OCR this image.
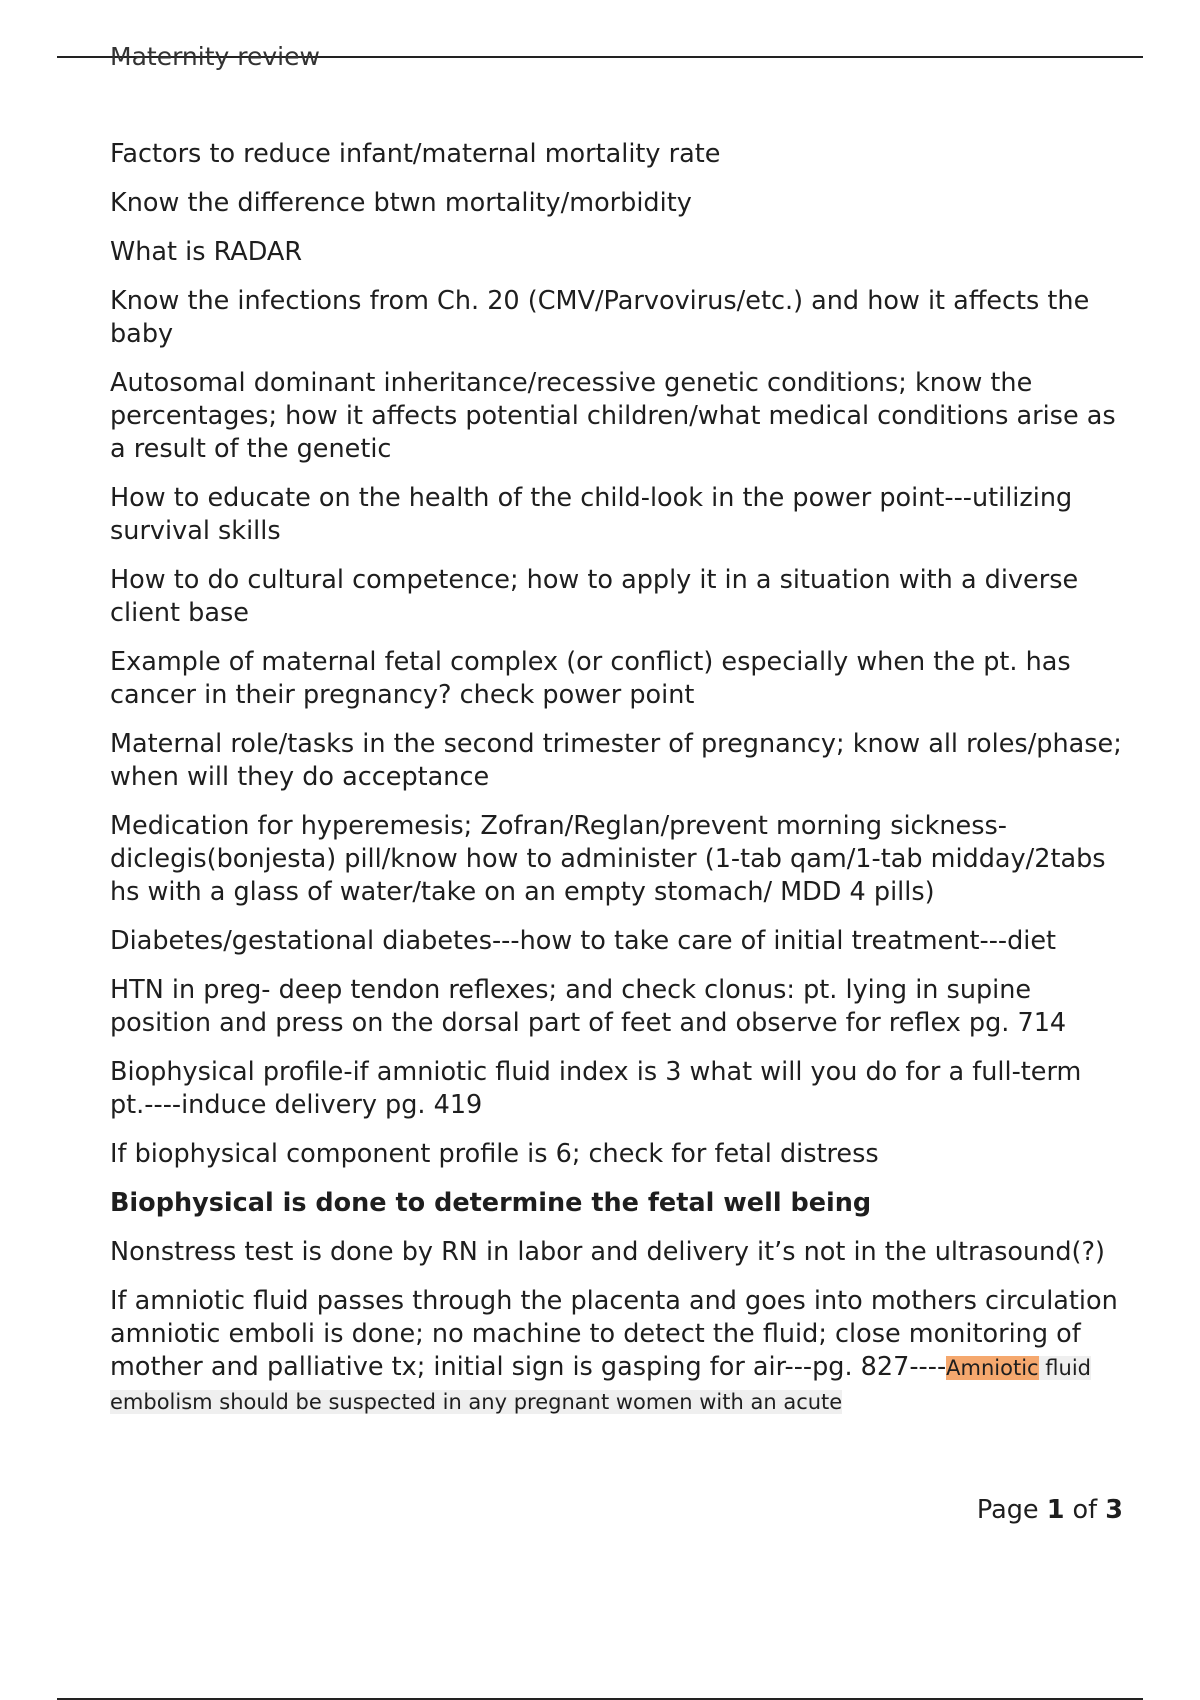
Maternity review

Factors to reduce infant/maternal mortality rate

Know the difference btwn mortality/morbidity

What is RADAR

Know the infections from Ch. 20 (CMV/Parvovirus/etc.) and how it affects the baby

Autosomal dominant inheritance/recessive genetic conditions; know the percentages; how it affects potential children/what medical conditions arise as a result of the genetic

How to educate on the health of the child-look in the power point---utilizing survival skills

How to do cultural competence; how to apply it in a situation with a diverse client base

Example of maternal fetal complex (or conflict) especially when the pt. has cancer in their pregnancy? check power point

Maternal role/tasks in the second trimester of pregnancy; know all roles/phase; when will they do acceptance

Medication for hyperemesis; Zofran/Reglan/prevent morning sickness-diclegis(bonjesta) pill/know how to administer (1-tab qam/1-tab midday/2tabs hs with a glass of water/take on an empty stomach/ MDD 4 pills)

Diabetes/gestational diabetes---how to take care of initial treatment---diet

HTN in preg- deep tendon reflexes; and check clonus: pt. lying in supine position and press on the dorsal part of feet and observe for reflex pg. 714

Biophysical profile-if amniotic fluid index is 3 what will you do for a full-term pt.----induce delivery pg. 419

If biophysical component profile is 6; check for fetal distress

Biophysical is done to determine the fetal well being

Nonstress test is done by RN in labor and delivery it’s not in the ultrasound(?)

If amniotic fluid passes through the placenta and goes into mothers circulation amniotic emboli is done; no machine to detect the fluid; close monitoring of mother and palliative tx; initial sign is gasping for air---pg. 827----Amniotic fluid embolism should be suspected in any pregnant women with an acute

Page 1 of 3
